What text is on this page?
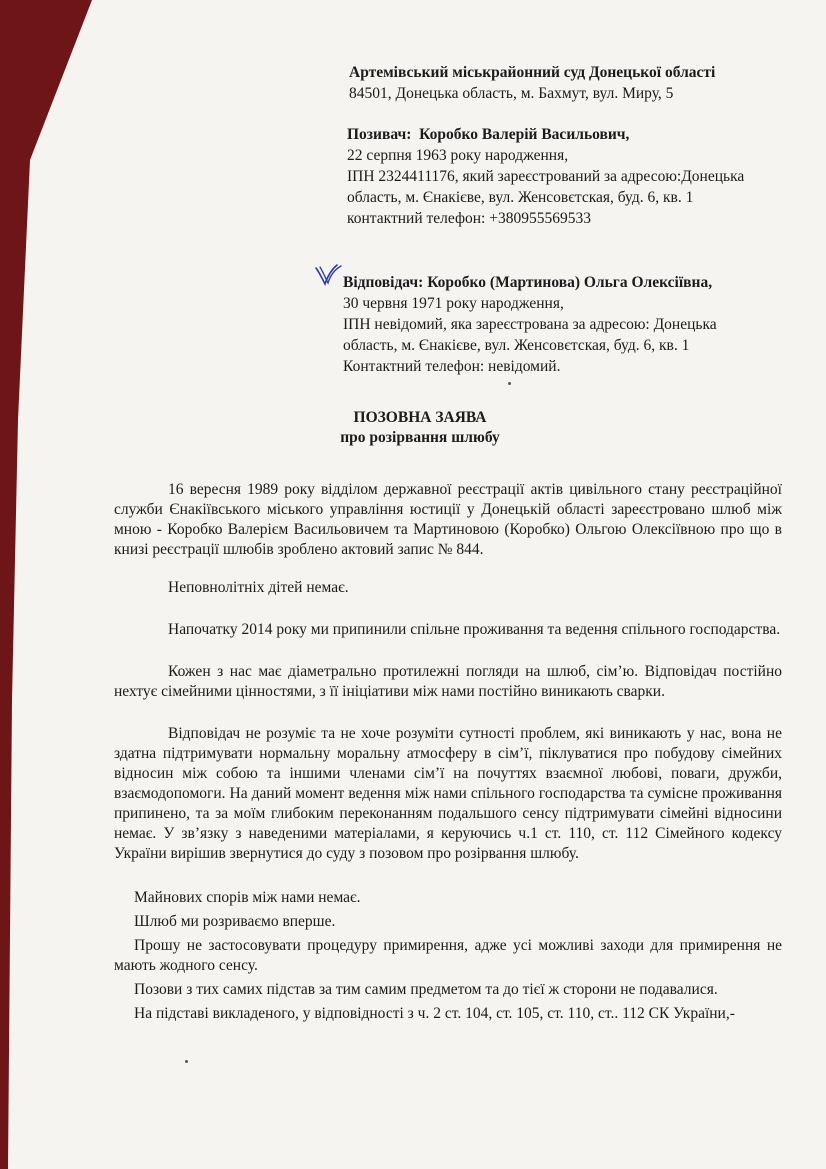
Артемівський міськрайонний суд Донецької області
84501, Донецька область, м. Бахмут, вул. Миру, 5
Позивач: Коробко Валерій Васильович,
22 серпня 1963 року народження,
ІПН 2324411176, який зареєстрований за адресою:Донецька
область, м. Єнакієве, вул. Женсовєтская, буд. 6, кв. 1
контактний телефон: +380955569533
Відповідач: Коробко (Мартинова) Ольга Олексіївна,
30 червня 1971 року народження,
ІПН невідомий, яка зареєстрована за адресою: Донецька
область, м. Єнакієве, вул. Женсовєтская, буд. 6, кв. 1
Контактний телефон: невідомий.
ПОЗОВНА ЗАЯВА
про розірвання шлюбу

16 вересня 1989 року відділом державної реєстрації актів цивільного стану реєстраційної служби Єнакіївського міського управління юстиції у Донецькій області зареєстровано шлюб між мною - Коробко Валерієм Васильовичем та Мартиновою (Коробко) Ольгою Олексіївною про що в книзі реєстрації шлюбів зроблено актовий запис № 844.

Неповнолітніх дітей немає.

Напочатку 2014 року ми припинили спільне проживання та ведення спільного господарства.

Кожен з нас має діаметрально протилежні погляди на шлюб, сім’ю. Відповідач постійно нехтує сімейними цінностями, з її ініціативи між нами постійно виникають сварки.

Відповідач не розуміє та не хоче розуміти сутності проблем, які виникають у нас, вона не здатна підтримувати нормальну моральну атмосферу в сім’ї, піклуватися про побудову сімейних відносин між собою та іншими членами сім’ї на почуттях взаємної любові, поваги, дружби, взаємодопомоги. На даний момент ведення між нами спільного господарства та сумісне проживання припинено, та за моїм глибоким переконанням подальшого сенсу підтримувати сімейні відносини немає. У зв’язку з наведеними матеріалами, я керуючись ч.1 ст. 110, ст. 112 Сімейного кодексу України вирішив звернутися до суду з позовом про розірвання шлюбу.

Майнових спорів між нами немає.

Шлюб ми розриваємо вперше.

Прошу не застосовувати процедуру примирення, адже усі можливі заходи для примирення не мають жодного сенсу.

Позови з тих самих підстав за тим самим предметом та до тієї ж сторони не подавалися.

На підставі викладеного, у відповідності з ч. 2 ст. 104, ст. 105, ст. 110, ст.. 112 СК України,-
